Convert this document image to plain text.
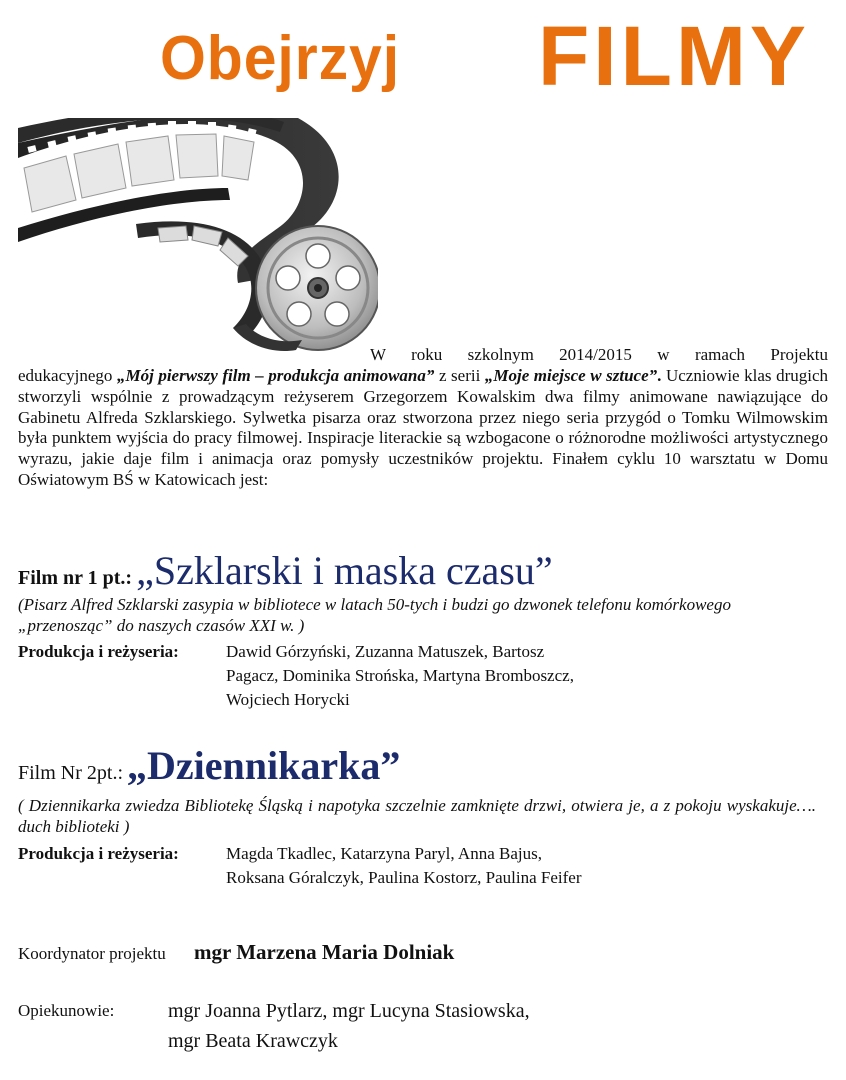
Obejrzyj FILMY
W roku szkolnym 2014/2015 w ramach Projektu
edukacyjnego „Mój pierwszy film – produkcja animowana” z serii „Moje miejsce w sztuce”. Uczniowie klas drugich stworzyli wspólnie z prowadzącym reżyserem Grzegorzem Kowalskim dwa filmy animowane nawiązujące do Gabinetu Alfreda Szklarskiego. Sylwetka pisarza oraz stworzona przez niego seria przygód o Tomku Wilmowskim była punktem wyjścia do pracy filmowej. Inspiracje literackie są wzbogacone o różnorodne możliwości artystycznego wyrazu, jakie daje film i animacja oraz pomysły uczestników projektu. Finałem cyklu 10 warsztatu w Domu Oświatowym BŚ w Katowicach jest:
Film nr 1 pt.: „Szklarski i maska czasu”
(Pisarz Alfred Szklarski zasypia w bibliotece w latach 50-tych i budzi go dzwonek telefonu komórkowego „przenosząc” do naszych czasów XXI w. )
Produkcja i reżyseria:	Dawid Górzyński, Zuzanna Matuszek, Bartosz
Pagacz, Dominika Strońska, Martyna Bromboszcz,
Wojciech Horycki
Film Nr 2pt.: „Dziennikarka”
( Dziennikarka zwiedza Bibliotekę Śląską i napotyka szczelnie zamknięte drzwi, otwiera je, a z pokoju wyskakuje…. duch biblioteki )
Produkcja i reżyseria:	Magda Tkadlec, Katarzyna Paryl, Anna Bajus,
Roksana Góralczyk, Paulina Kostorz, Paulina Feifer
Koordynator projektu mgr Marzena Maria Dolniak
Opiekunowie:	mgr Joanna Pytlarz, mgr Lucyna Stasiowska,
mgr Beata Krawczyk
